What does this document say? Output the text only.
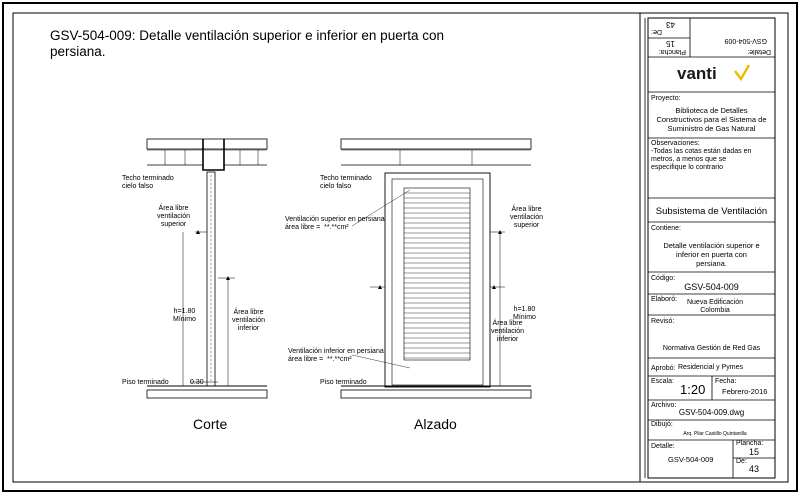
GSV-504-009: Detalle ventilación superior e inferior en puerta con persiana.
Corte	Alzado
Techo terminado
cielo falso
Área libre
ventilación
superior
h=1.80
Mínimo
Área libre
ventilación
inferior
Piso terminado	0.30
Techo terminado
cielo falso
Ventilación superior en persiana
área libre =  **.**cm²
Área libre
ventilación
superior
h=1.80
Mínimo
Área libre
ventilación
inferior
Ventilación inferior en persiana
área libre =  **.**cm²
Piso terminado
Detalle:
GSV-504-009
Plancha:
15
De:
43
vanti
Proyecto:
Biblioteca de Detalles
Constructivos para el Sistema de
Suministro de Gas Natural
Observaciones:
-Todas las cotas están dadas en
metros, a menos que se
especifique lo contrario
Subsistema de Ventilación
Contiene:
Detalle ventilación superior e
inferior en puerta con
persiana.
Código:
GSV-504-009
Elaboró:	Nueva Edificación
Colombia
Revisó:
Normativa Gestión de Red Gas
Aprobó: Residencial y Pymes
Escala:
1:20
Fecha:
Febrero-2016
Archivo:
GSV-504-009.dwg
Dibujó:
Arq. Pilar Castillo Quintanilla
Detalle:
GSV-504-009
Plancha:
15
De:
43
